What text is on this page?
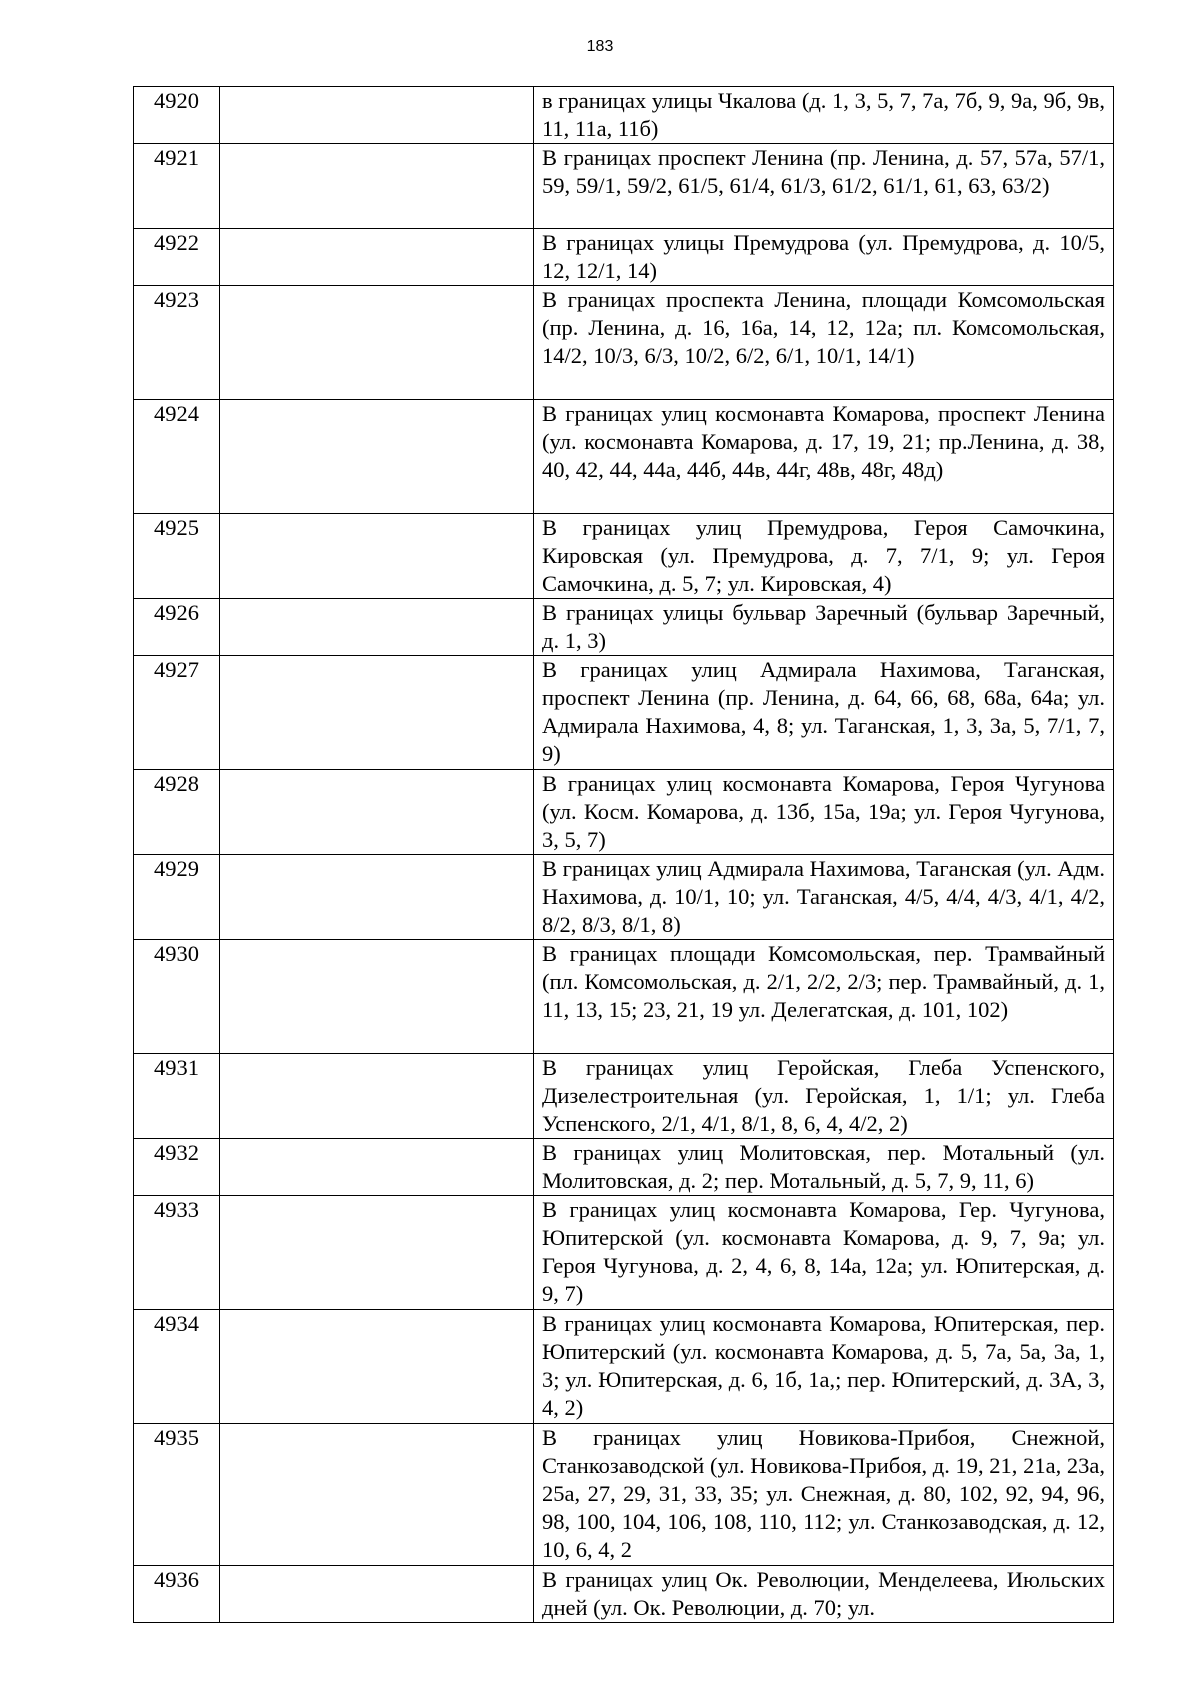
183
4920		в границах улицы Чкалова (д. 1, 3, 5, 7, 7а, 7б, 9, 9а, 9б, 9в, 11, 11а, 11б)
4921		В границах проспект Ленина (пр. Ленина, д. 57, 57а, 57/1, 59, 59/1, 59/2, 61/5, 61/4, 61/3, 61/2, 61/1, 61, 63, 63/2)
4922		В границах улицы Премудрова (ул. Премудрова, д. 10/5, 12, 12/1, 14)
4923		В границах проспекта Ленина, площади Комсомольская (пр. Ленина, д. 16, 16а, 14, 12, 12а; пл. Комсомольская, 14/2, 10/3, 6/3, 10/2, 6/2, 6/1, 10/1, 14/1)
4924		В границах улиц космонавта Комарова, проспект Ленина (ул. космонавта Комарова, д. 17, 19, 21; пр.Ленина, д. 38, 40, 42, 44, 44а, 44б, 44в, 44г, 48в, 48г, 48д)
4925		В границах улиц Премудрова, Героя Самочкина, Кировская (ул. Премудрова, д. 7, 7/1, 9; ул. Героя Самочкина, д. 5, 7; ул. Кировская, 4)
4926		В границах улицы бульвар Заречный (бульвар Заречный, д. 1, 3)
4927		В границах улиц Адмирала Нахимова, Таганская, проспект Ленина (пр. Ленина, д. 64, 66, 68, 68а, 64а; ул. Адмирала Нахимова, 4, 8; ул. Таганская, 1, 3, 3а, 5, 7/1, 7, 9)
4928		В границах улиц космонавта Комарова, Героя Чугунова (ул. Косм. Комарова, д. 13б, 15а, 19а; ул. Героя Чугунова, 3, 5, 7)
4929		В границах улиц Адмирала Нахимова, Таганская (ул. Адм. Нахимова, д. 10/1, 10; ул. Таганская, 4/5, 4/4, 4/3, 4/1, 4/2, 8/2, 8/3, 8/1, 8)
4930		В границах площади Комсомольская, пер. Трамвайный (пл. Комсомольская, д. 2/1, 2/2, 2/3; пер. Трамвайный, д. 1, 11, 13, 15; 23, 21, 19 ул. Делегатская, д. 101, 102)
4931		В границах улиц Геройская, Глеба Успенского, Дизелестроительная (ул. Геройская, 1, 1/1; ул. Глеба Успенского, 2/1, 4/1, 8/1, 8, 6, 4, 4/2, 2)
4932		В границах улиц Молитовская, пер. Мотальный (ул. Молитовская, д. 2; пер. Мотальный, д. 5, 7, 9, 11, 6)
4933		В границах улиц космонавта Комарова, Гер. Чугунова, Юпитерской (ул. космонавта Комарова, д. 9, 7, 9а; ул. Героя Чугунова, д. 2, 4, 6, 8, 14а, 12а; ул. Юпитерская, д. 9, 7)
4934		В границах улиц космонавта Комарова, Юпитерская, пер. Юпитерский (ул. космонавта Комарова, д. 5, 7а, 5а, 3а, 1, 3; ул. Юпитерская, д. 6, 1б, 1а,; пер. Юпитерский, д. 3А, 3, 4, 2)
4935		В границах улиц Новикова-Прибоя, Снежной, Станкозаводской (ул. Новикова-Прибоя, д. 19, 21, 21а, 23а, 25а, 27, 29, 31, 33, 35; ул. Снежная, д. 80, 102, 92, 94, 96, 98, 100, 104, 106, 108, 110, 112; ул. Станкозаводская, д. 12, 10, 6, 4, 2
4936		В границах улиц Ок. Революции, Менделеева, Июльских дней (ул. Ок. Революции, д. 70; ул.
